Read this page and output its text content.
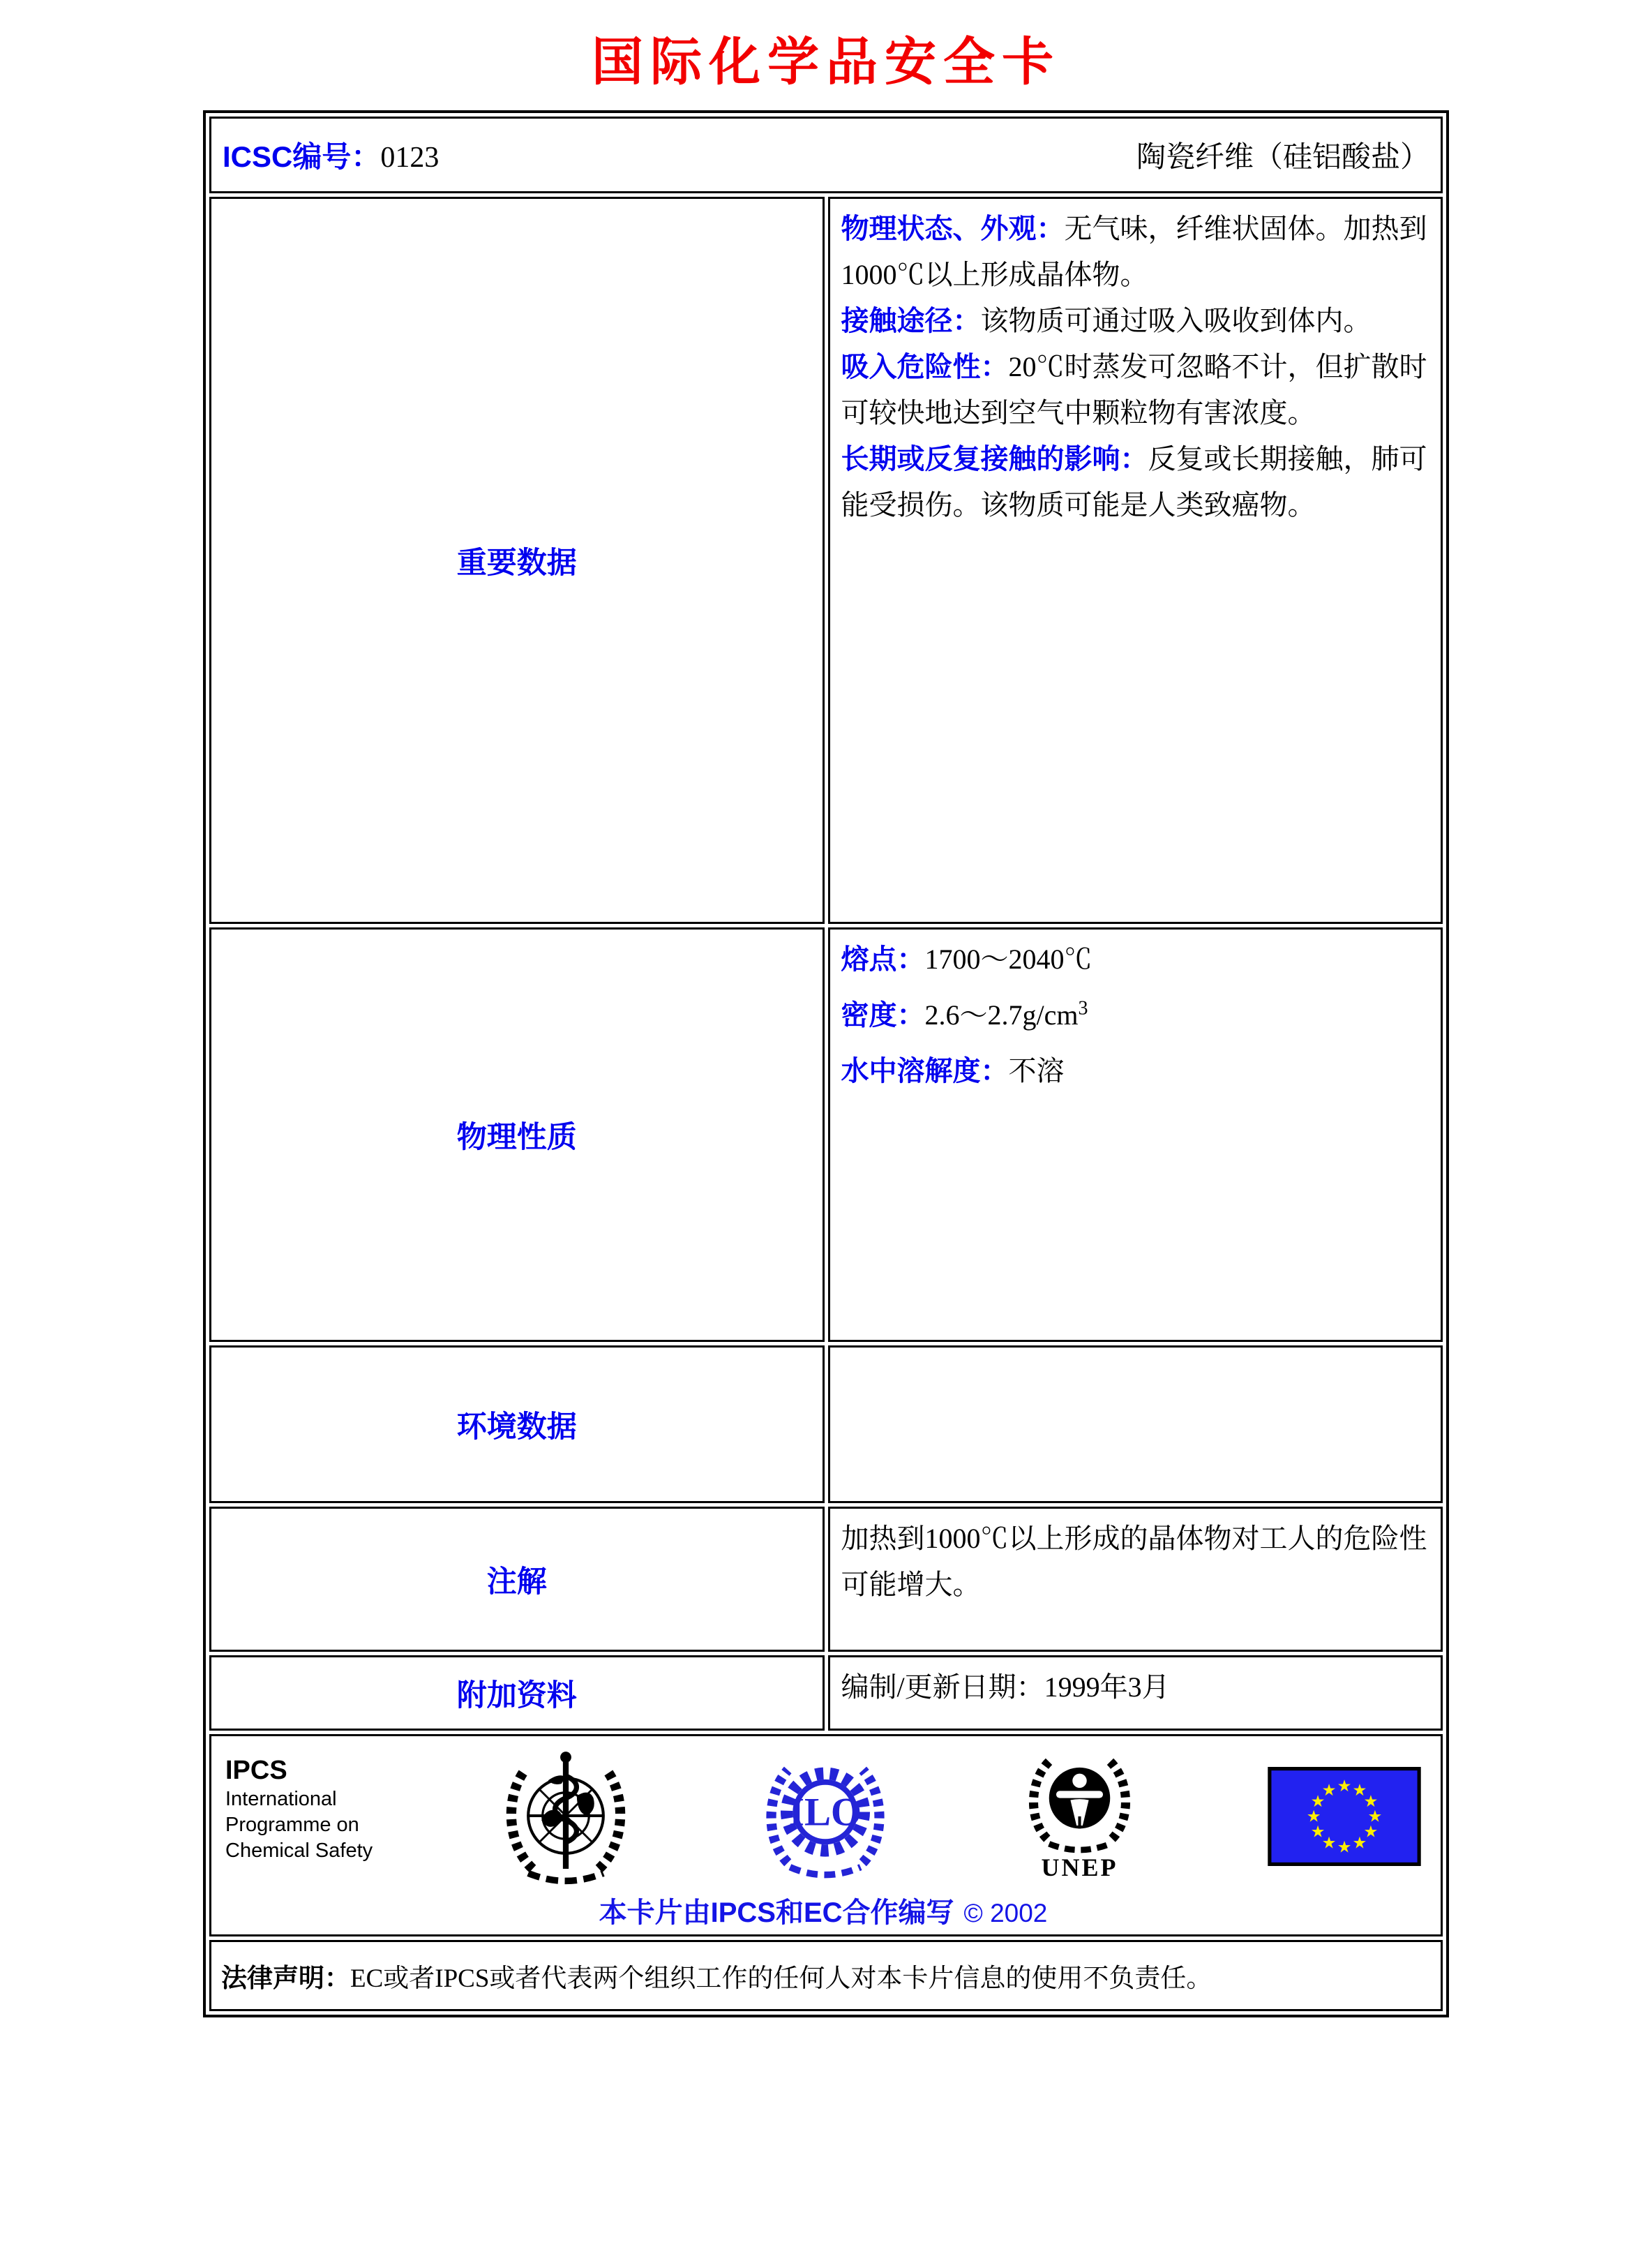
国际化学品安全卡
ICSC编号：0123 陶瓷纤维（硅铝酸盐）	

重要数据	物理状态、外观：无气味，纤维状固体。加热到1000℃以上形成晶体物。

接触途径：该物质可通过吸入吸收到体内。

吸入危险性：20℃时蒸发可忽略不计，但扩散时可较快地达到空气中颗粒物有害浓度。

长期或反复接触的影响：反复或长期接触，肺可能受损伤。该物质可能是人类致癌物。

物理性质	熔点：1700～2040℃

密度：$2.6\sim 2.7g/cm^3$

水中溶解度：不溶

环境数据	
注解	加热到1000℃以上形成的晶体物对工人的危险性可能增大。
附加资料	编制/更新日期：1999年3月

IPCS
International
Programme on
Chemical Safety
ILO
UNEP
★ ★
★
★
★
★
★
★
★
★
★
★
本卡片由IPCS和EC合作编写 © 2002

法律声明：EC或者IPCS或者代表两个组织工作的任何人对本卡片信息的使用不负责任。	
